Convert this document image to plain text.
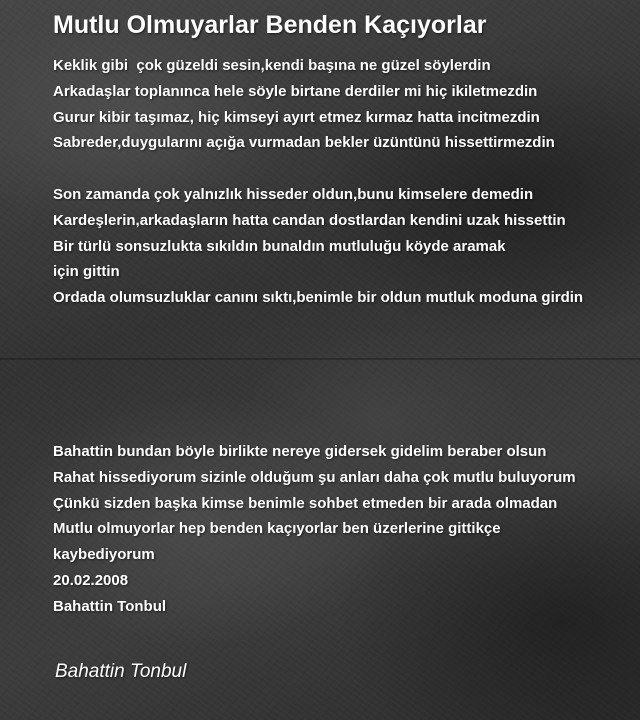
Mutlu Olmuyarlar Benden Kaçıyorlar
Keklik gibi  çok güzeldi sesin,kendi başına ne güzel söylerdin
Arkadaşlar toplanınca hele söyle birtane derdiler mi hiç ikiletmezdin
Gurur kibir taşımaz, hiç kimseyi ayırt etmez kırmaz hatta incitmezdin
Sabreder,duygularını açığa vurmadan bekler üzüntünü hissettirmezdin
Son zamanda çok yalnızlık hisseder oldun,bunu kimselere demedin
Kardeşlerin,arkadaşların hatta candan dostlardan kendini uzak hissettin
Bir türlü sonsuzlukta sıkıldın bunaldın mutluluğu köyde aramak
için gittin
Ordada olumsuzluklar canını sıktı,benimle bir oldun mutluk moduna girdin
Bahattin bundan böyle birlikte nereye gidersek gidelim beraber olsun
Rahat hissediyorum sizinle olduğum şu anları daha çok mutlu buluyorum
Çünkü sizden başka kimse benimle sohbet etmeden bir arada olmadan
Mutlu olmuyorlar hep benden kaçıyorlar ben üzerlerine gittikçe
kaybediyorum
20.02.2008
Bahattin Tonbul

Bahattin Tonbul
